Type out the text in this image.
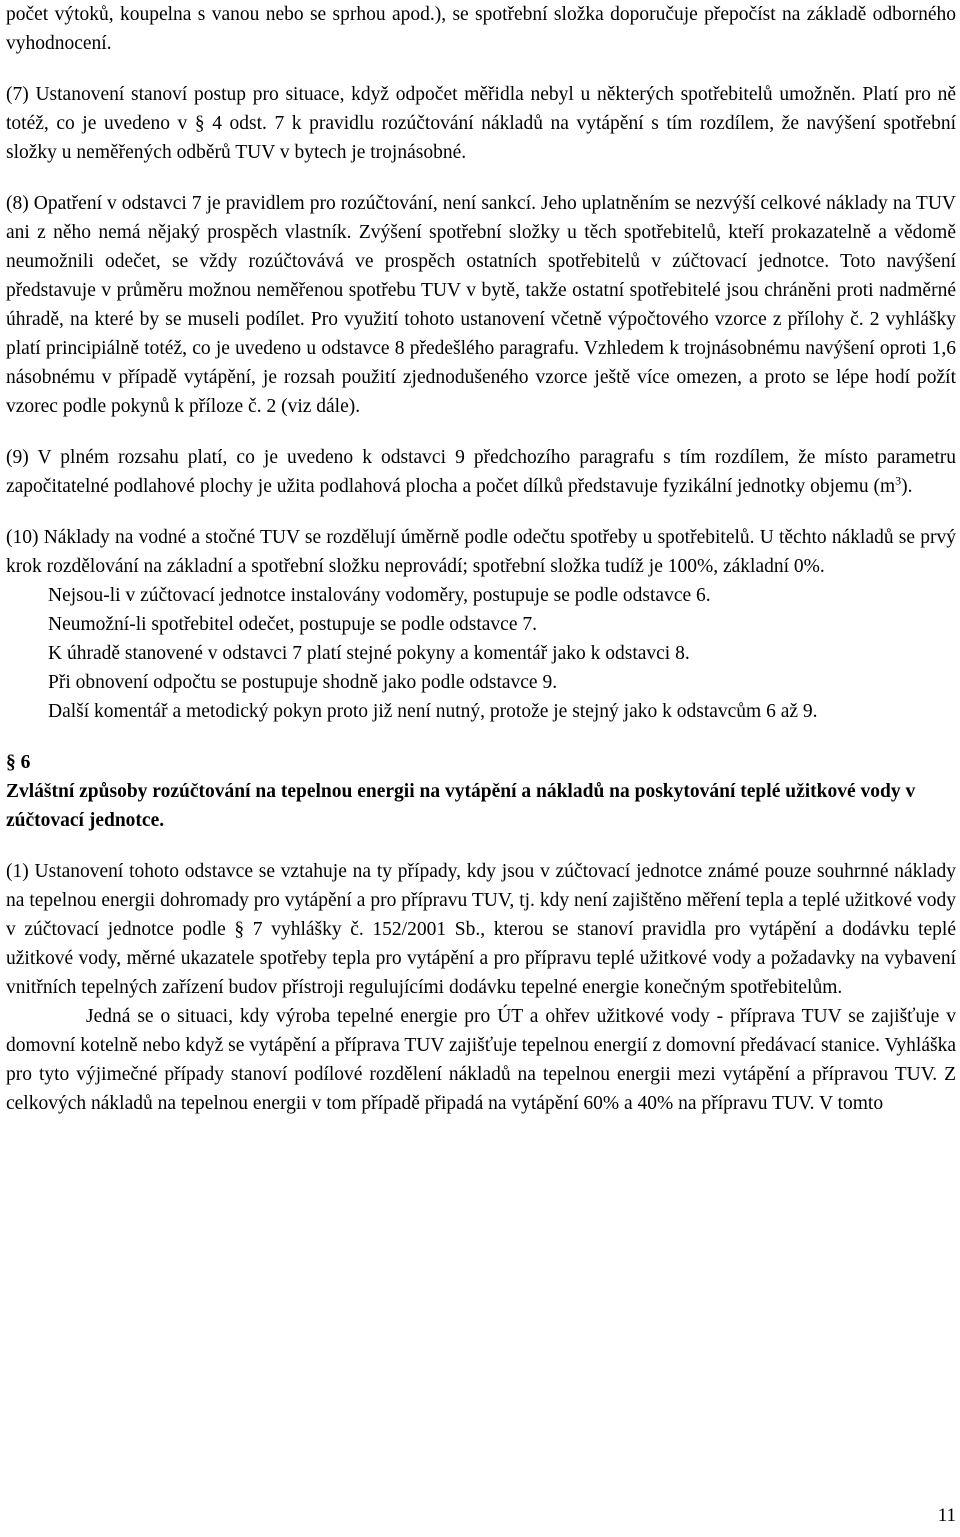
počet výtoků, koupelna s vanou nebo se sprhou apod.), se spotřební složka doporučuje přepočíst na základě odborného vyhodnocení.

(7) Ustanovení stanoví postup pro situace, když odpočet měřidla nebyl u některých spotřebitelů umožněn. Platí pro ně totéž, co je uvedeno v § 4 odst. 7 k pravidlu rozúčtování nákladů na vytápění s tím rozdílem, že navýšení spotřební složky u neměřených odběrů TUV v bytech je trojnásobné.

(8) Opatření v odstavci 7 je pravidlem pro rozúčtování, není sankcí. Jeho uplatněním se nezvýší celkové náklady na TUV ani z něho nemá nějaký prospěch vlastník. Zvýšení spotřební složky u těch spotřebitelů, kteří prokazatelně a vědomě neumožnili odečet, se vždy rozúčtovává ve prospěch ostatních spotřebitelů v zúčtovací jednotce. Toto navýšení představuje v průměru možnou neměřenou spotřebu TUV v bytě, takže ostatní spotřebitelé jsou chráněni proti nadměrné úhradě, na které by se museli podílet. Pro využití tohoto ustanovení včetně výpočtového vzorce z přílohy č. 2 vyhlášky platí principiálně totéž, co je uvedeno u odstavce 8 předešlého paragrafu. Vzhledem k trojnásobnému navýšení oproti 1,6 násobnému v případě vytápění, je rozsah použití zjednodušeného vzorce ještě více omezen, a proto se lépe hodí požít vzorec podle pokynů k příloze č. 2 (viz dále).

(9) V plném rozsahu platí, co je uvedeno k odstavci 9 předchozího paragrafu s tím rozdílem, že místo parametru započitatelné podlahové plochy je užita podlahová plocha a počet dílků představuje fyzikální jednotky objemu $(m^3)$.

(10) Náklady na vodné a stočné TUV se rozdělují úměrně podle odečtu spotřeby u spotřebitelů. U těchto nákladů se prvý krok rozdělování na základní a spotřební složku neprovádí; spotřební složka tudíž je 100%, základní 0%.

Nejsou-li v zúčtovací jednotce instalovány vodoměry, postupuje se podle odstavce 6.

Neumožní-li spotřebitel odečet, postupuje se podle odstavce 7.

K úhradě stanovené v odstavci 7 platí stejné pokyny a komentář jako k odstavci 8.

Při obnovení odpočtu se postupuje shodně jako podle odstavce 9.

Další komentář a metodický pokyn proto již není nutný, protože je stejný jako k odstavcům 6 až 9.

§ 6

Zvláštní způsoby rozúčtování na tepelnou energii na vytápění a nákladů na poskytování teplé užitkové vody v zúčtovací jednotce.

(1) Ustanovení tohoto odstavce se vztahuje na ty případy, kdy jsou v zúčtovací jednotce známé pouze souhrnné náklady na tepelnou energii dohromady pro vytápění a pro přípravu TUV, tj. kdy není zajištěno měření tepla a teplé užitkové vody v zúčtovací jednotce podle § 7 vyhlášky č. 152/2001 Sb., kterou se stanoví pravidla pro vytápění a dodávku teplé užitkové vody, měrné ukazatele spotřeby tepla pro vytápění a pro přípravu teplé užitkové vody a požadavky na vybavení vnitřních tepelných zařízení budov přístroji regulujícími dodávku tepelné energie konečným spotřebitelům.

Jedná se o situaci, kdy výroba tepelné energie pro ÚT a ohřev užitkové vody - příprava TUV se zajišťuje v domovní kotelně nebo když se vytápění a příprava TUV zajišťuje tepelnou energií z domovní předávací stanice. Vyhláška pro tyto výjimečné případy stanoví podílové rozdělení nákladů na tepelnou energii mezi vytápění a přípravou TUV. Z celkových nákladů na tepelnou energii v tom případě připadá na vytápění 60% a 40% na přípravu TUV. V tomto

11
